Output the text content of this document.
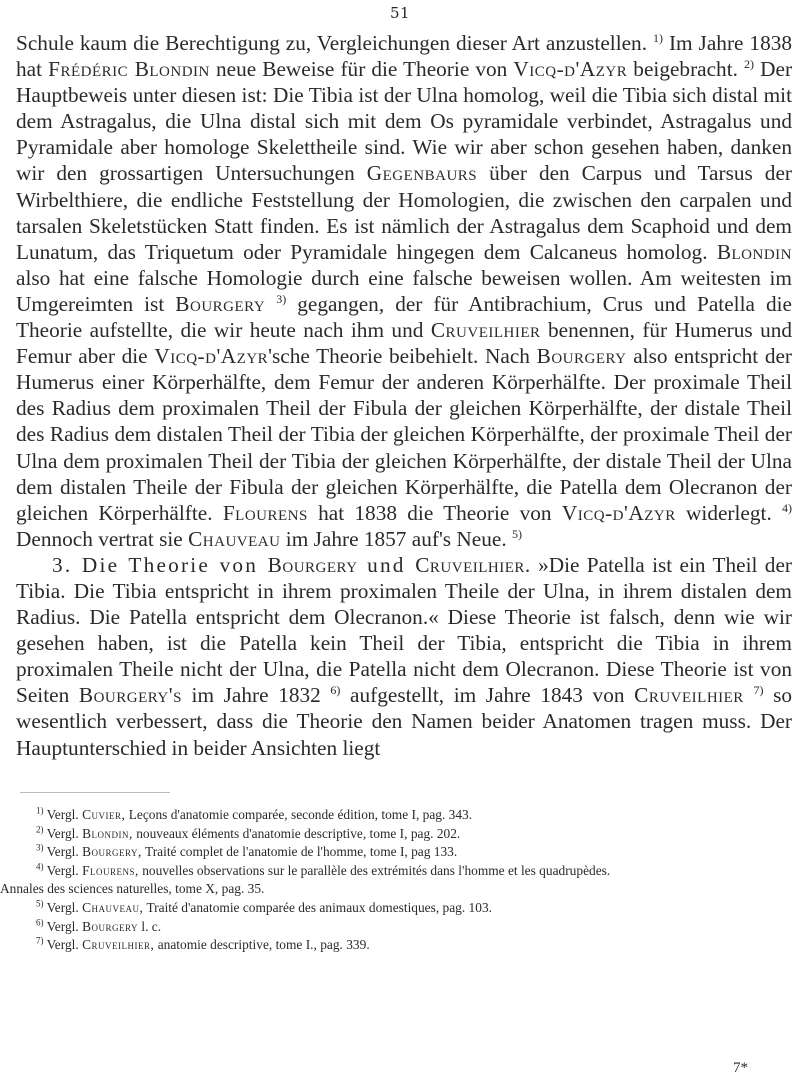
51

Schule kaum die Berechtigung zu, Vergleichungen dieser Art anzustellen. $^{1)}$ Im Jahre 1838 hat Frédéric Blondin neue Beweise für die Theorie von Vicq-d'Azyr beigebracht. $^{2)}$ Der Hauptbeweis unter diesen ist: Die Tibia ist der Ulna homolog, weil die Tibia sich distal mit dem Astragalus, die Ulna distal sich mit dem Os pyramidale verbindet, Astragalus und Pyramidale aber homologe Skelettheile sind. Wie wir aber schon gesehen haben, danken wir den grossartigen Untersuchungen Gegenbaurs über den Carpus und Tarsus der Wirbelthiere, die endliche Feststellung der Homologien, die zwischen den carpalen und tarsalen Skeletstücken Statt finden. Es ist nämlich der Astragalus dem Scaphoid und dem Lunatum, das Triquetum oder Pyramidale hingegen dem Calcaneus homolog. Blondin also hat eine falsche Homologie durch eine falsche beweisen wollen. Am weitesten im Umgereimten ist Bourgery $^{3)}$ gegangen, der für Antibrachium, Crus und Patella die Theorie aufstellte, die wir heute nach ihm und Cruveilhier benennen, für Humerus und Femur aber die Vicq-d'Azyr'sche Theorie beibehielt. Nach Bourgery also entspricht der Humerus einer Körperhälfte, dem Femur der anderen Körperhälfte. Der proximale Theil des Radius dem proximalen Theil der Fibula der gleichen Körperhälfte, der distale Theil des Radius dem distalen Theil der Tibia der gleichen Körperhälfte, der proximale Theil der Ulna dem proximalen Theil der Tibia der gleichen Körperhälfte, der distale Theil der Ulna dem distalen Theile der Fibula der gleichen Körperhälfte, die Patella dem Olecranon der gleichen Körperhälfte. Flourens hat 1838 die Theorie von Vicq-d'Azyr widerlegt. $^{4)}$ Dennoch vertrat sie Chauveau im Jahre 1857 auf's Neue. $^{5)}$

3. Die Theorie von Bourgery und Cruveilhier. »Die Patella ist ein Theil der Tibia. Die Tibia entspricht in ihrem proximalen Theile der Ulna, in ihrem distalen dem Radius. Die Patella entspricht dem Olecranon.« Diese Theorie ist falsch, denn wie wir gesehen haben, ist die Patella kein Theil der Tibia, entspricht die Tibia in ihrem proximalen Theile nicht der Ulna, die Patella nicht dem Olecranon. Diese Theorie ist von Seiten Bourgery's im Jahre 1832 $^{6)}$ aufgestellt, im Jahre 1843 von Cruveilhier $^{7)}$ so wesentlich verbessert, dass die Theorie den Namen beider Anatomen tragen muss. Der Hauptunterschied in beider Ansichten liegt

$^{1)}$ Vergl. Cuvier, Leçons d'anatomie comparée, seconde édition, tome I, pag. 343.

$^{2)}$ Vergl. Blondin, nouveaux éléments d'anatomie descriptive, tome I, pag. 202.

$^{3)}$ Vergl. Bourgery, Traité complet de l'anatomie de l'homme, tome I, pag 133.

$^{4)}$ Vergl. Flourens, nouvelles observations sur le parallèle des extrémités dans l'homme et les quadrupèdes.

Annales des sciences naturelles, tome X, pag. 35.

$^{5)}$ Vergl. Chauveau, Traité d'anatomie comparée des animaux domestiques, pag. 103.

$^{6)}$ Vergl. Bourgery l. c.

$^{7)}$ Vergl. Cruveilhier, anatomie descriptive, tome I., pag. 339.

7*
